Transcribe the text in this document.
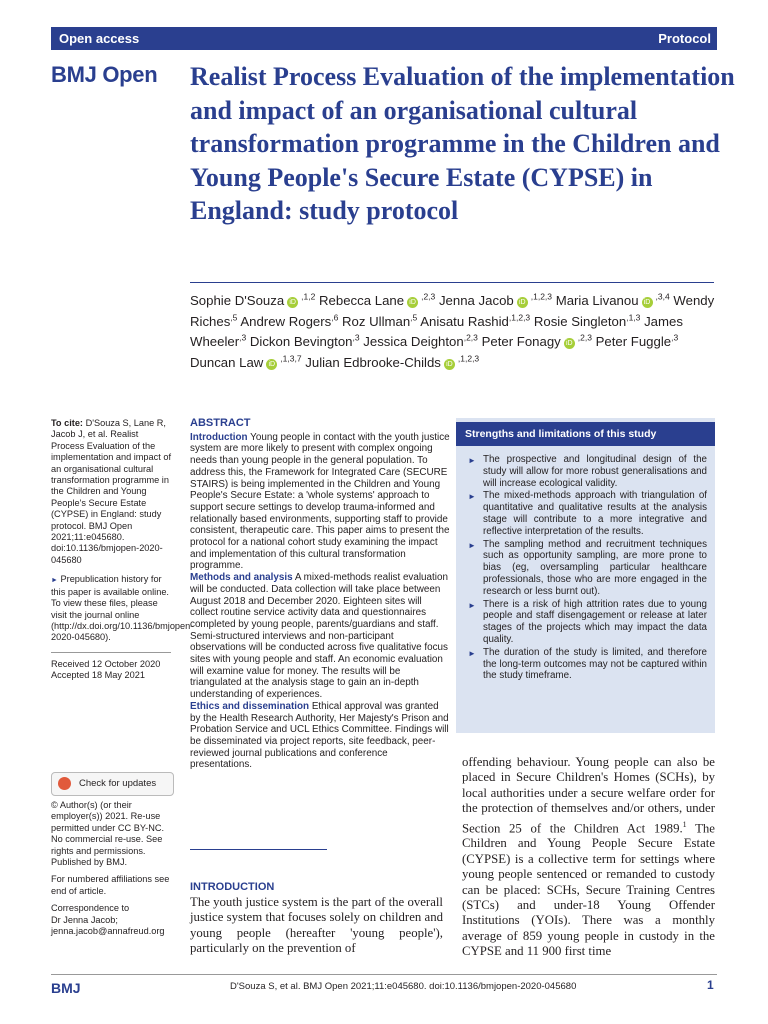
Open access	Protocol
BMJ Open Realist Process Evaluation of the implementation and impact of an organisational cultural transformation programme in the Children and Young People's Secure Estate (CYPSE) in England: study protocol
Sophie D'Souza $iD^{,1,2}$ Rebecca Lane $iD^{,2,3}$ Jenna Jacob $iD^{,1,2,3}$ Maria Livanou $iD^{,3,4}$ Wendy Riches$^{,5}$ Andrew Rogers$^{,6}$ Roz Ullman$^{,5}$ Anisatu Rashid$^{,1,2,3}$ Rosie Singleton$^{,1,3}$ James Wheeler$^{,3}$ Dickon Bevington$^{,3}$ Jessica Deighton$^{,2,3}$ Peter Fonagy $iD^{,2,3}$ Peter Fuggle$^{,3}$ Duncan Law $iD^{,1,3,7}$ Julian Edbrooke-Childs $iD^{,1,2,3}$

To cite: D'Souza S, Lane R, Jacob J, et al. Realist Process Evaluation of the implementation and impact of an organisational cultural transformation programme in the Children and Young People's Secure Estate (CYPSE) in England: study protocol. BMJ Open 2021;11:e045680. doi:10.1136/bmjopen-2020-045680

► Prepublication history for this paper is available online. To view these files, please visit the journal online (http://dx.doi.org/10.1136/bmjopen-2020-045680).

Received 12 October 2020
Accepted 18 May 2021

Check for updates

© Author(s) (or their employer(s)) 2021. Re-use permitted under CC BY-NC. No commercial re-use. See rights and permissions. Published by BMJ.

For numbered affiliations see end of article.

Correspondence to
Dr Jenna Jacob;
jenna.jacob@annafreud.org

ABSTRACT

Introduction Young people in contact with the youth justice system are more likely to present with complex ongoing needs than young people in the general population. To address this, the Framework for Integrated Care (SECURE STAIRS) is being implemented in the Children and Young People's Secure Estate: a 'whole systems' approach to support secure settings to develop trauma-informed and relationally based environments, supporting staff to provide consistent, therapeutic care. This paper aims to present the protocol for a national cohort study examining the impact and implementation of this cultural transformation programme.

Methods and analysis A mixed-methods realist evaluation will be conducted. Data collection will take place between August 2018 and December 2020. Eighteen sites will collect routine service activity data and questionnaires completed by young people, parents/guardians and staff. Semi-structured interviews and non-participant observations will be conducted across five qualitative focus sites with young people and staff. An economic evaluation will examine value for money. The results will be triangulated at the analysis stage to gain an in-depth understanding of experiences.

Ethics and dissemination Ethical approval was granted by the Health Research Authority, Her Majesty's Prison and Probation Service and UCL Ethics Committee. Findings will be disseminated via project reports, site feedback, peer-reviewed journal publications and conference presentations.

INTRODUCTION
The youth justice system is the part of the overall justice system that focuses solely on children and young people (hereafter 'young people'), particularly on the prevention of
Strengths and limitations of this study
► The prospective and longitudinal design of the study will allow for more robust generalisations and will increase ecological validity.
► The mixed-methods approach with triangulation of quantitative and qualitative results at the analysis stage will contribute to a more integrative and reflective interpretation of the results.
► The sampling method and recruitment techniques such as opportunity sampling, are more prone to bias (eg, oversampling particular healthcare professionals, those who are more engaged in the research or less burnt out).
► There is a risk of high attrition rates due to young people and staff disengagement or release at later stages of the projects which may impact the data quality.
► The duration of the study is limited, and therefore the long-term outcomes may not be captured within the study timeframe.
offending behaviour. Young people can also be placed in Secure Children's Homes (SCHs), by local authorities under a secure welfare order for the protection of themselves and/or others, under Section 25 of the Children Act 1989.$^1$ The Children and Young People Secure Estate (CYPSE) is a collective term for settings where young people sentenced or remanded to custody can be placed: SCHs, Secure Training Centres (STCs) and under-18 Young Offender Institutions (YOIs). There was a monthly average of 859 young people in custody in the CYPSE and 11 900 first time
BMJ	D'Souza S, et al. BMJ Open 2021;11:e045680. doi:10.1136/bmjopen-2020-045680	1
